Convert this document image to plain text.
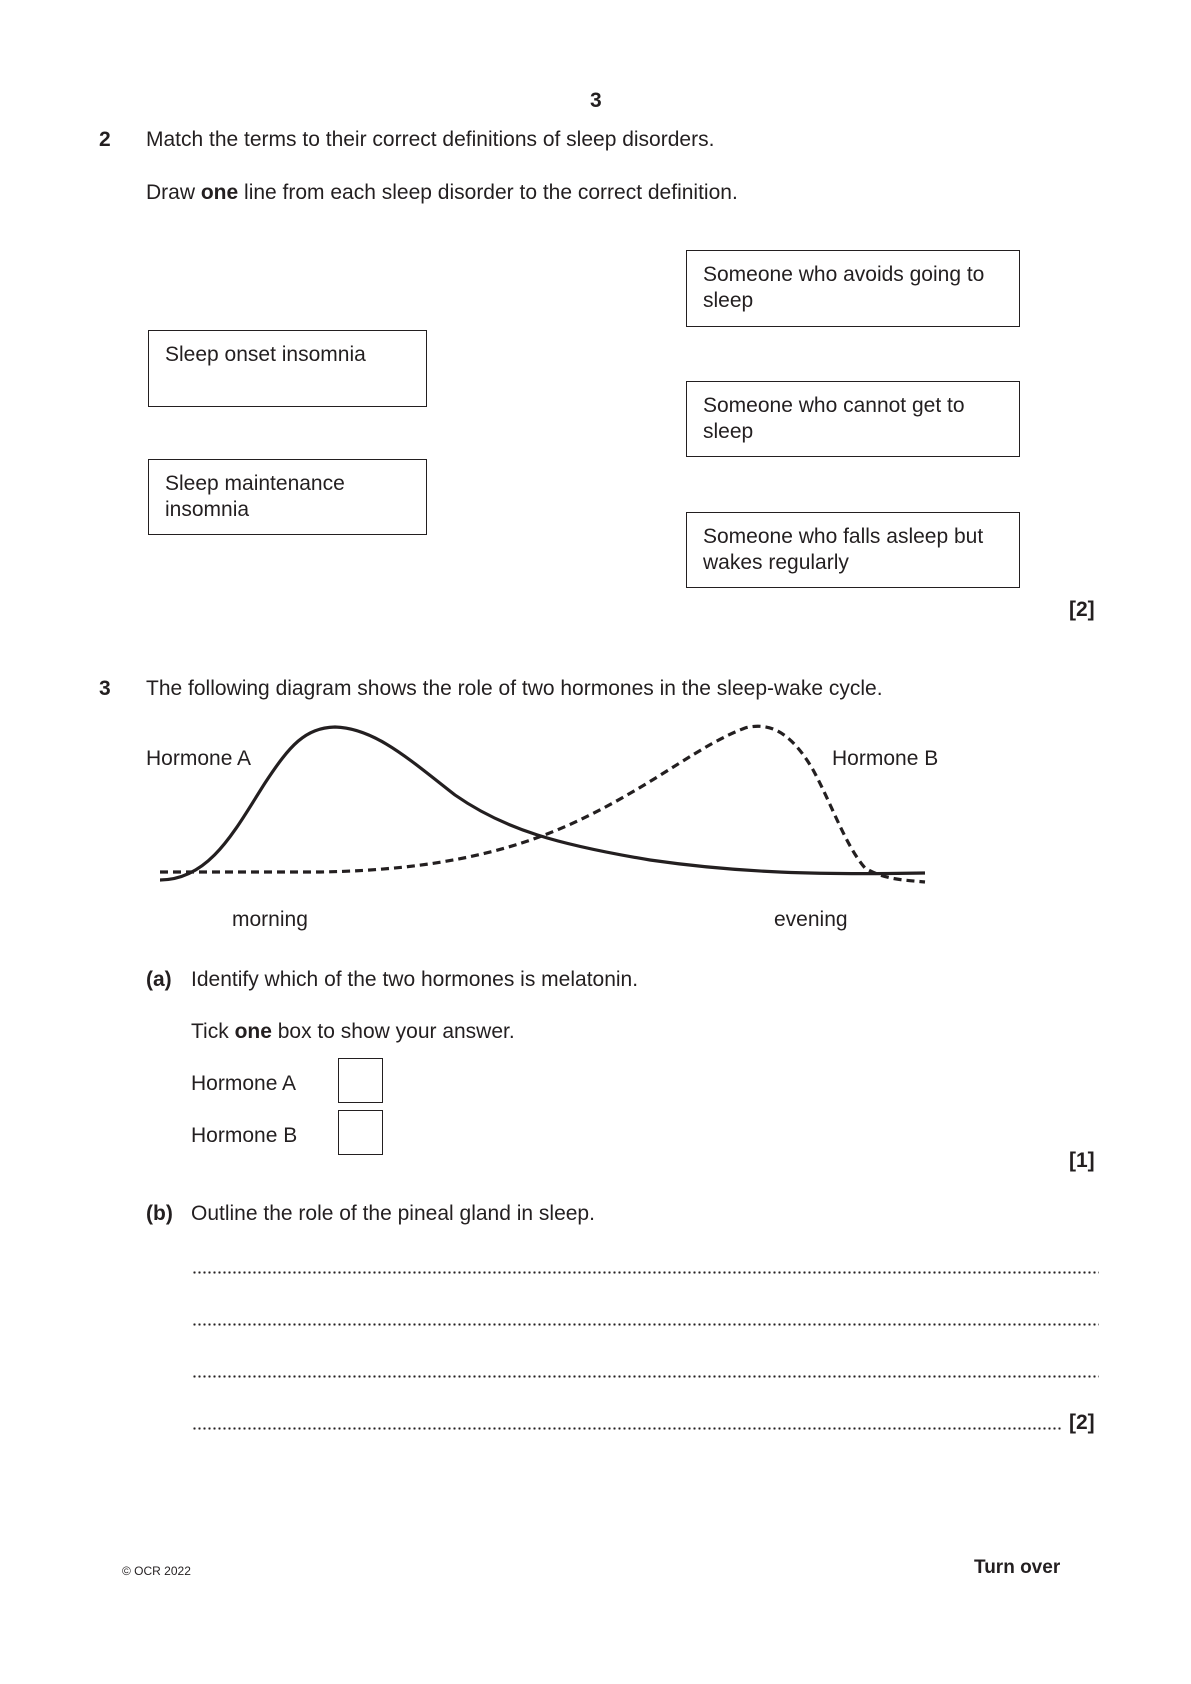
3
2 Match the terms to their correct definitions of sleep disorders.
Draw one line from each sleep disorder to the correct definition.
Sleep onset insomnia
Sleep maintenance insomnia
Someone who avoids going to sleep
Someone who cannot get to sleep
Someone who falls asleep but wakes regularly
[2]
3 The following diagram shows the role of two hormones in the sleep-wake cycle.
Hormone A	Hormone B
morning	evening
(a) Identify which of the two hormones is melatonin.
Tick one box to show your answer.
Hormone A
Hormone B
[1]
(b) Outline the role of the pineal gland in sleep.
[2]
© OCR 2022	Turn over
